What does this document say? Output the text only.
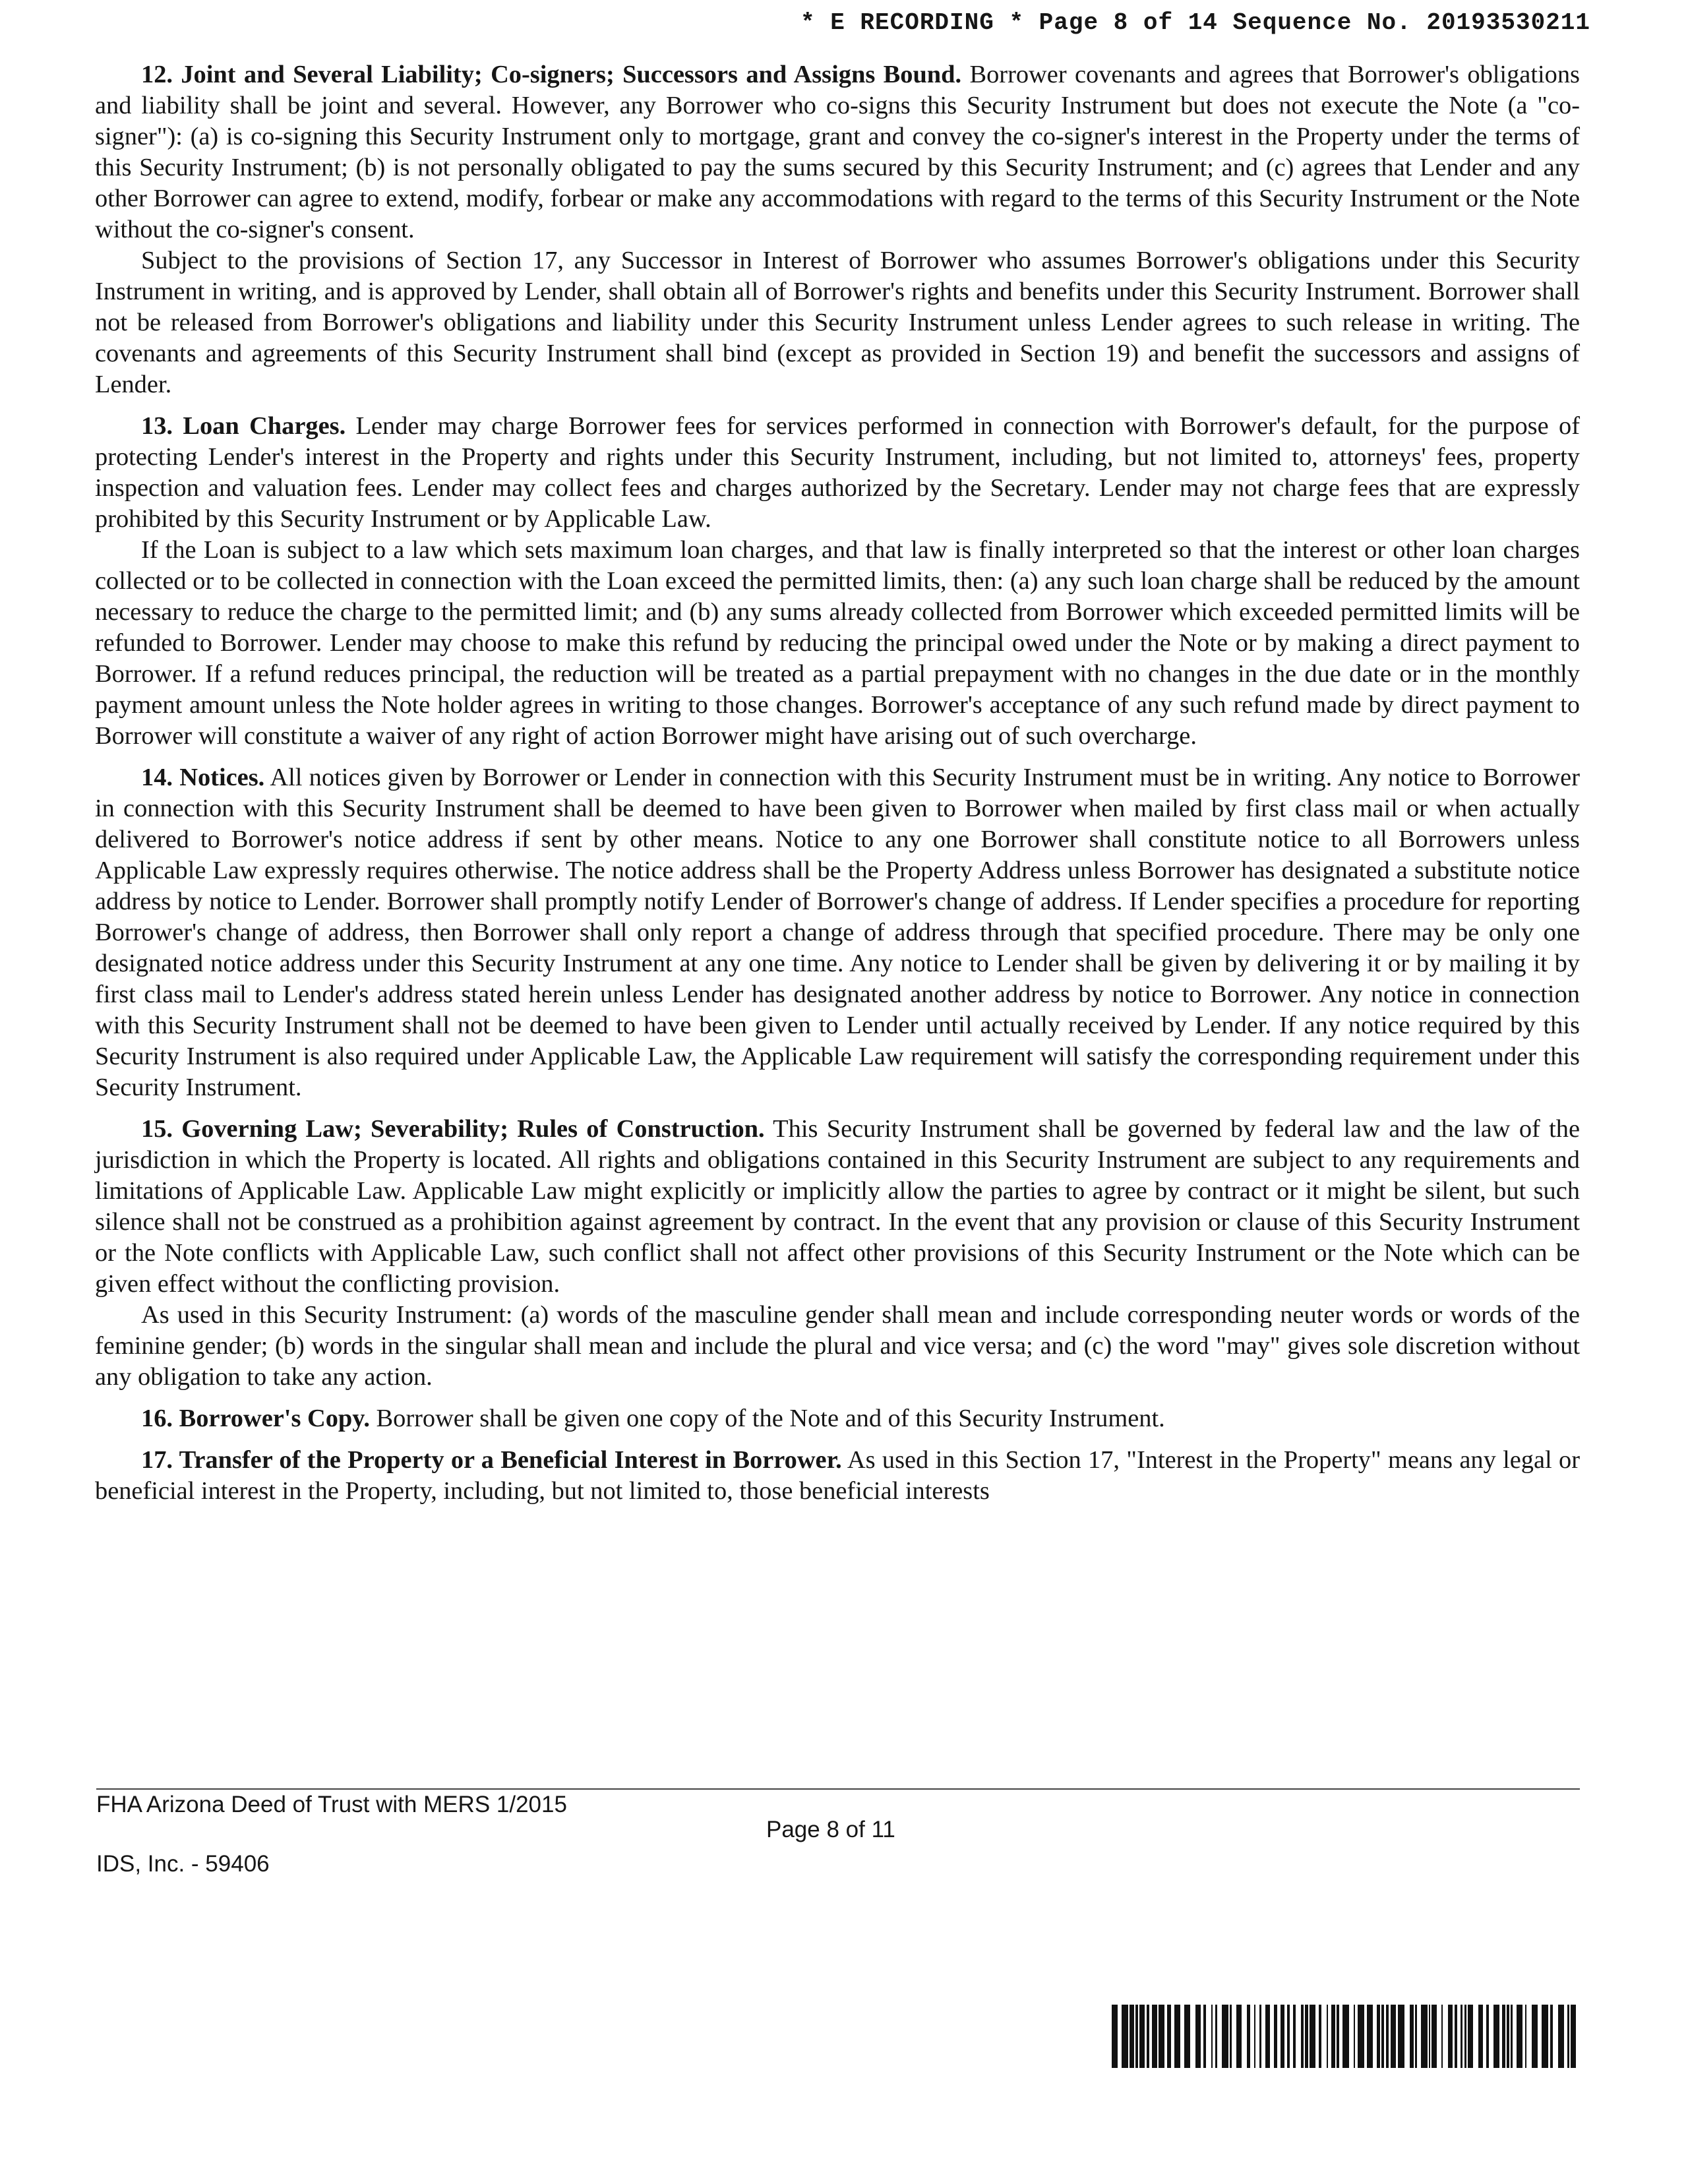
* E RECORDING * Page 8 of 14 Sequence No. 20193530211

12. Joint and Several Liability; Co-signers; Successors and Assigns Bound. Borrower covenants and agrees that Borrower's obligations and liability shall be joint and several. However, any Borrower who co-signs this Security Instrument but does not execute the Note (a "co-signer"): (a) is co-signing this Security Instrument only to mortgage, grant and convey the co-signer's interest in the Property under the terms of this Security Instrument; (b) is not personally obligated to pay the sums secured by this Security Instrument; and (c) agrees that Lender and any other Borrower can agree to extend, modify, forbear or make any accommodations with regard to the terms of this Security Instrument or the Note without the co-signer's consent.

Subject to the provisions of Section 17, any Successor in Interest of Borrower who assumes Borrower's obligations under this Security Instrument in writing, and is approved by Lender, shall obtain all of Borrower's rights and benefits under this Security Instrument. Borrower shall not be released from Borrower's obligations and liability under this Security Instrument unless Lender agrees to such release in writing. The covenants and agreements of this Security Instrument shall bind (except as provided in Section 19) and benefit the successors and assigns of Lender.

13. Loan Charges. Lender may charge Borrower fees for services performed in connection with Borrower's default, for the purpose of protecting Lender's interest in the Property and rights under this Security Instrument, including, but not limited to, attorneys' fees, property inspection and valuation fees. Lender may collect fees and charges authorized by the Secretary. Lender may not charge fees that are expressly prohibited by this Security Instrument or by Applicable Law.

If the Loan is subject to a law which sets maximum loan charges, and that law is finally interpreted so that the interest or other loan charges collected or to be collected in connection with the Loan exceed the permitted limits, then: (a) any such loan charge shall be reduced by the amount necessary to reduce the charge to the permitted limit; and (b) any sums already collected from Borrower which exceeded permitted limits will be refunded to Borrower. Lender may choose to make this refund by reducing the principal owed under the Note or by making a direct payment to Borrower. If a refund reduces principal, the reduction will be treated as a partial prepayment with no changes in the due date or in the monthly payment amount unless the Note holder agrees in writing to those changes. Borrower's acceptance of any such refund made by direct payment to Borrower will constitute a waiver of any right of action Borrower might have arising out of such overcharge.

14. Notices. All notices given by Borrower or Lender in connection with this Security Instrument must be in writing. Any notice to Borrower in connection with this Security Instrument shall be deemed to have been given to Borrower when mailed by first class mail or when actually delivered to Borrower's notice address if sent by other means. Notice to any one Borrower shall constitute notice to all Borrowers unless Applicable Law expressly requires otherwise. The notice address shall be the Property Address unless Borrower has designated a substitute notice address by notice to Lender. Borrower shall promptly notify Lender of Borrower's change of address. If Lender specifies a procedure for reporting Borrower's change of address, then Borrower shall only report a change of address through that specified procedure. There may be only one designated notice address under this Security Instrument at any one time. Any notice to Lender shall be given by delivering it or by mailing it by first class mail to Lender's address stated herein unless Lender has designated another address by notice to Borrower. Any notice in connection with this Security Instrument shall not be deemed to have been given to Lender until actually received by Lender. If any notice required by this Security Instrument is also required under Applicable Law, the Applicable Law requirement will satisfy the corresponding requirement under this Security Instrument.

15. Governing Law; Severability; Rules of Construction. This Security Instrument shall be governed by federal law and the law of the jurisdiction in which the Property is located. All rights and obligations contained in this Security Instrument are subject to any requirements and limitations of Applicable Law. Applicable Law might explicitly or implicitly allow the parties to agree by contract or it might be silent, but such silence shall not be construed as a prohibition against agreement by contract. In the event that any provision or clause of this Security Instrument or the Note conflicts with Applicable Law, such conflict shall not affect other provisions of this Security Instrument or the Note which can be given effect without the conflicting provision.

As used in this Security Instrument: (a) words of the masculine gender shall mean and include corresponding neuter words or words of the feminine gender; (b) words in the singular shall mean and include the plural and vice versa; and (c) the word "may" gives sole discretion without any obligation to take any action.

16. Borrower's Copy. Borrower shall be given one copy of the Note and of this Security Instrument.

17. Transfer of the Property or a Beneficial Interest in Borrower. As used in this Section 17, "Interest in the Property" means any legal or beneficial interest in the Property, including, but not limited to, those beneficial interests

FHA Arizona Deed of Trust with MERS 1/2015
Page 8 of 11
IDS, Inc. - 59406
